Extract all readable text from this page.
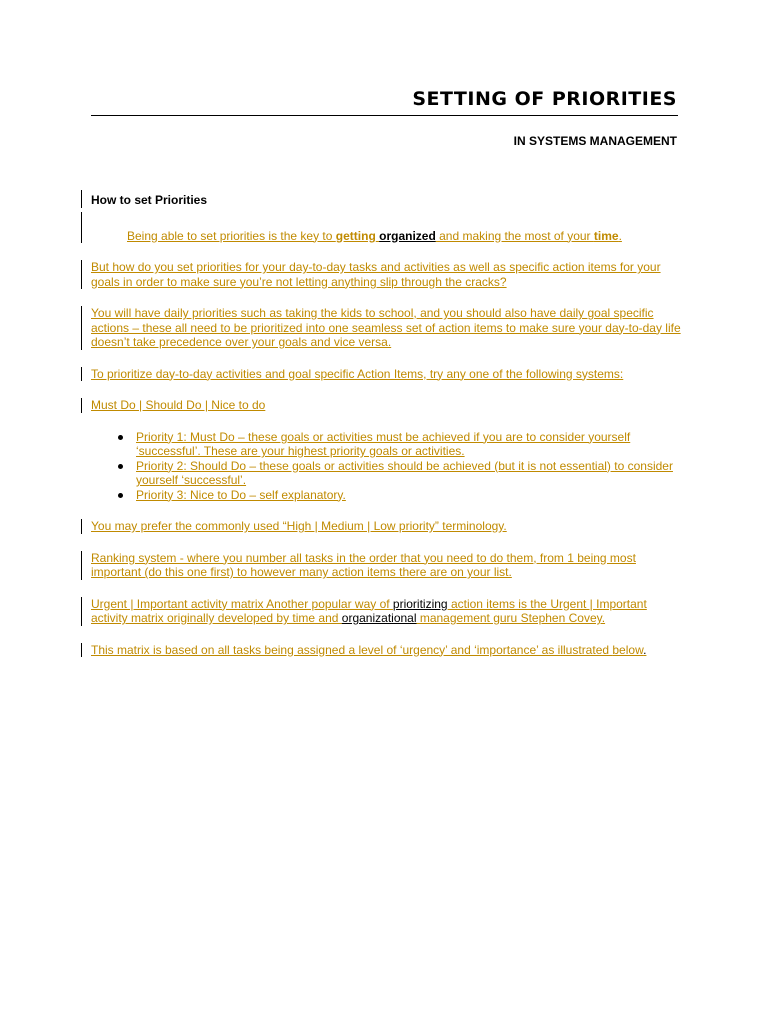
SETTING OF PRIORITIES
IN SYSTEMS MANAGEMENT
How to set Priorities
Being able to set priorities is the key to getting organized and making the most of your time.
But how do you set priorities for your day-to-day tasks and activities as well as specific action items for your goals in order to make sure you’re not letting anything slip through the cracks?
You will have daily priorities such as taking the kids to school, and you should also have daily goal specific actions – these all need to be prioritized into one seamless set of action items to make sure your day-to-day life doesn’t take precedence over your goals and vice versa.
To prioritize day-to-day activities and goal specific Action Items, try any one of the following systems:
Must Do | Should Do | Nice to do
Priority 1: Must Do – these goals or activities must be achieved if you are to consider yourself ‘successful’. These are your highest priority goals or activities.
Priority 2: Should Do – these goals or activities should be achieved (but it is not essential) to consider yourself ‘successful’.
Priority 3: Nice to Do – self explanatory.
You may prefer the commonly used “High | Medium | Low priority” terminology.
Ranking system - where you number all tasks in the order that you need to do them, from 1 being most important (do this one first) to however many action items there are on your list.
Urgent | Important activity matrix Another popular way of prioritizing action items is the Urgent | Important activity matrix originally developed by time and organizational management guru Stephen Covey.
This matrix is based on all tasks being assigned a level of ‘urgency’ and ‘importance’ as illustrated below.
